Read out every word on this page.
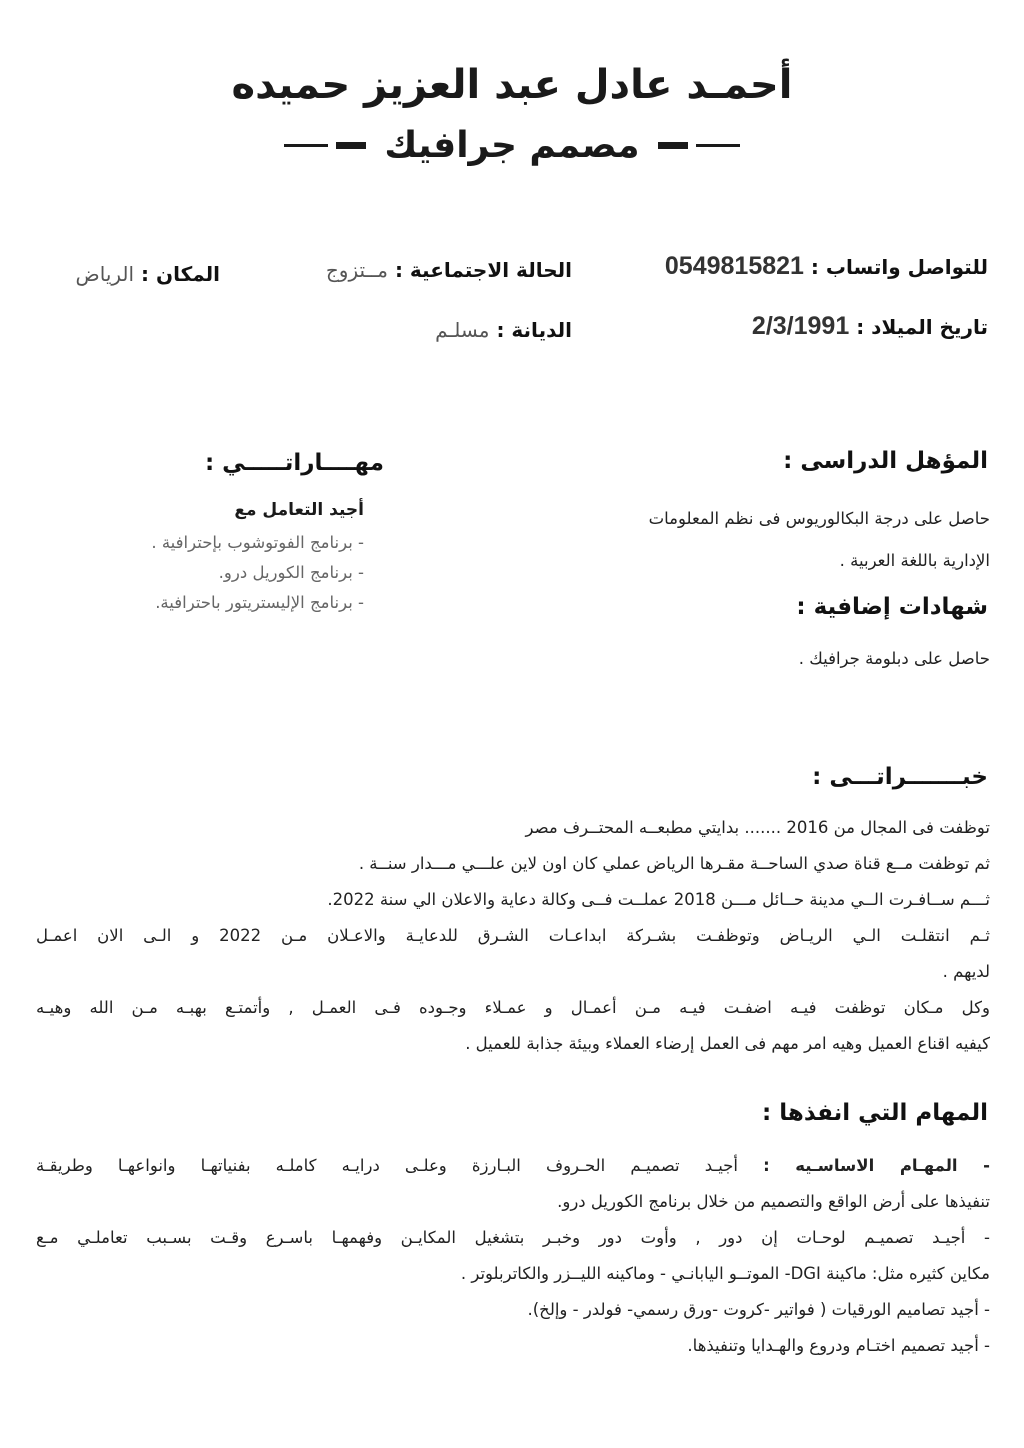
أحمـد عادل عبد العزيز حميده
مصمم جرافيك
للتواصل واتساب : 0549815821
الحالة الاجتماعية : مــتزوج
المكان : الرياض
تاريخ الميلاد : 2/3/1991
الديانة : مسلـم
المؤهل الدراسى :
حاصل على درجة البكالوريوس فى نظم المعلومات
الإدارية باللغة العربية .
شهادات إضافية :
حاصل على دبلومة جرافيك .
مهــــاراتـــــي :
أجيد التعامل مع
- برنامج الفوتوشوب بإحترافية .
- برنامج الكوريل درو.
- برنامج الإليستريتور باحترافية.
خبـــــــراتـــى :
توظفت فى المجال من 2016 ....... بدايتي مطبعــه المحتــرف مصر
ثم توظفت مــع قناة صدي الساحــة مقـرها الرياض عملي كان اون لاين علـــي مـــدار سنــة .
ثـــم ســافـرت الــي مدينة حــائل مـــن 2018 عملــت فــى وكالة دعاية والاعلان الي سنة 2022.
ثـم انتقلـت الـي الريـاض وتوظفـت بشـركة ابداعـات الشـرق للدعايـة والاعـلان مـن 2022 و الـى الان اعمـل
لديهم .
وكل مـكان توظفت فيـه اضفـت فيـه مـن أعمـال و عمـلاء وجـوده فـى العمـل , وأتمتـع بهبـه مـن الله وهيـه
كيفيه اقناع العميل وهيه امر مهم فى العمل إرضاء العملاء وبيئة جذابة للعميل .
المهام التي انفذها :
- المهـام الاساسـيه : أجيـد تصميـم الحـروف البـارزة وعلـى درايـه كاملـه بفنياتهـا وانواعهـا وطريقـة
تنفيذها على أرض الواقع والتصميم من خلال برنامج الكوريل درو.
- أجيـد تصميـم لوحـات إن دور , وأوت دور وخبـر بتشغيل المكايـن وفهمهـا باسـرع وقـت بسـبب تعاملـي مـع
مكاين كثيره مثل: ماكينة DGI- الموتــو اليابانـي - وماكينه الليــزر والكاتربلوتر .
- أجيد تصاميم الورقيات ( فواتير -كروت -ورق رسمي- فولدر - وإلخ).
- أجيد تصميم اختـام ودروع والهـدايا وتنفيذها.
